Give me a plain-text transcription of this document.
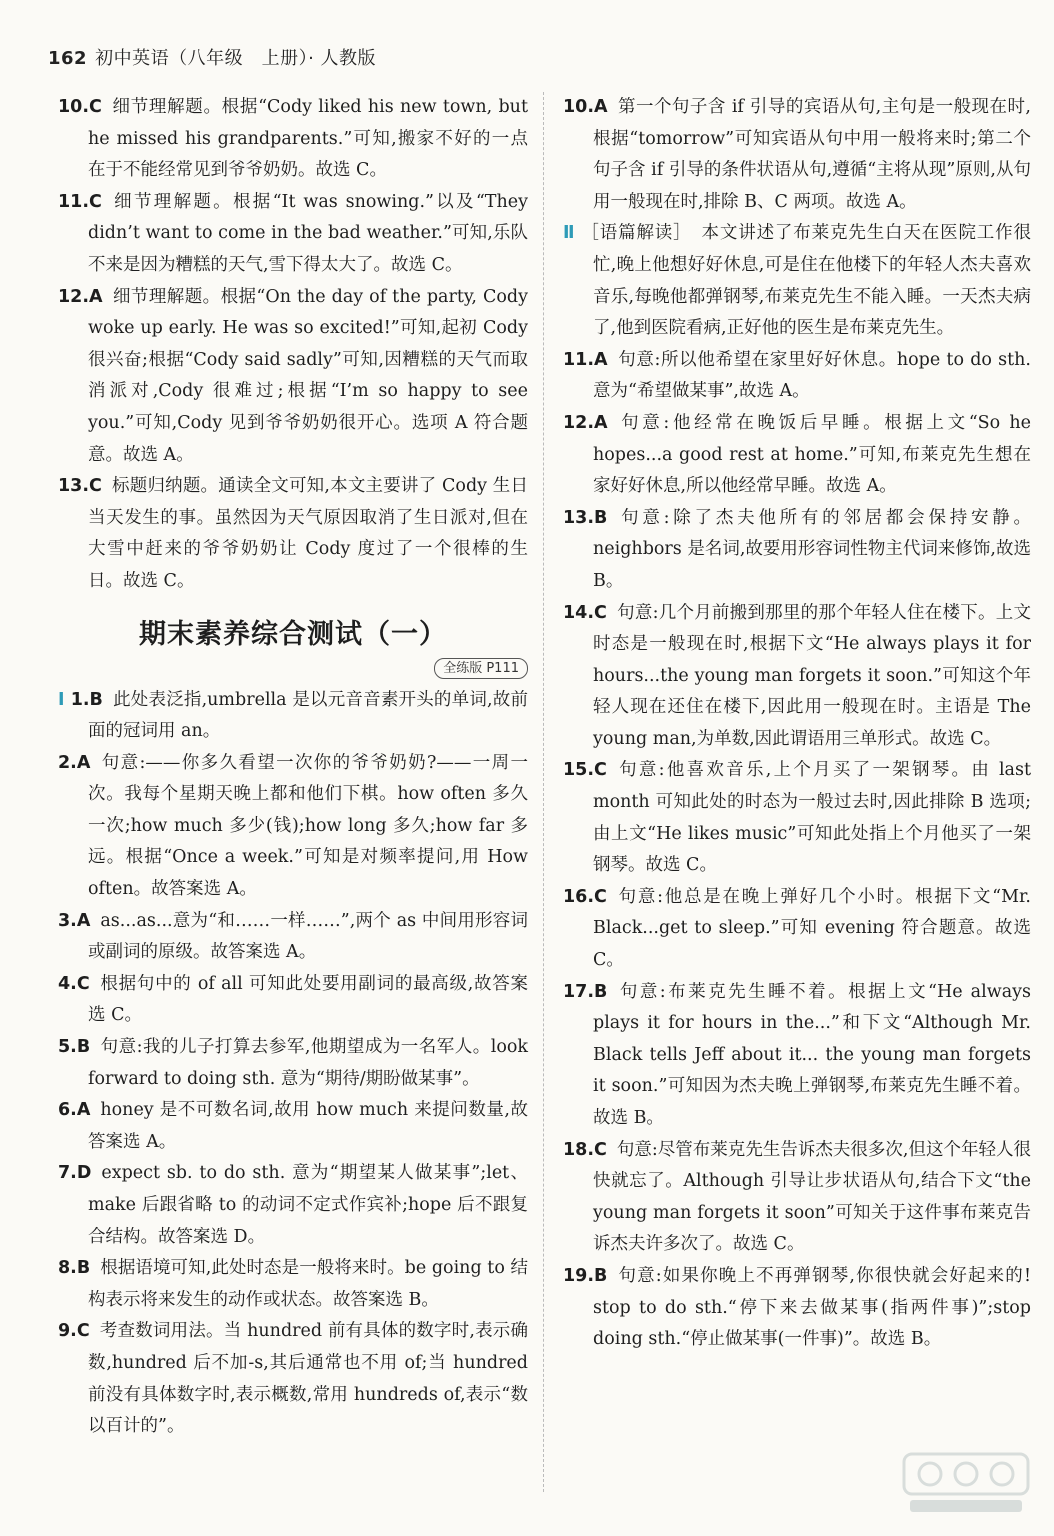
162 初中英语（八年级　上册）· 人教版

10.C 细节理解题。根据“Cody liked his new town, but he missed his grandparents.”可知,搬家不好的一点在于不能经常见到爷爷奶奶。故选 C。

11.C 细节理解题。根据“It was snowing.”以及“They didn’t want to come in the bad weather.”可知,乐队不来是因为糟糕的天气,雪下得太大了。故选 C。

12.A 细节理解题。根据“On the day of the party, Cody woke up early. He was so excited!”可知,起初 Cody 很兴奋;根据“Cody said sadly”可知,因糟糕的天气而取消派对,Cody 很难过;根据“I’m so happy to see you.”可知,Cody 见到爷爷奶奶很开心。选项 A 符合题意。故选 A。

13.C 标题归纳题。通读全文可知,本文主要讲了 Cody 生日当天发生的事。虽然因为天气原因取消了生日派对,但在大雪中赶来的爷爷奶奶让 Cody 度过了一个很棒的生日。故选 C。

期末素养综合测试（一）
全练版 P111

Ⅰ 1.B 此处表泛指,umbrella 是以元音音素开头的单词,故前面的冠词用 an。

2.A 句意:——你多久看望一次你的爷爷奶奶?——一周一次。我每个星期天晚上都和他们下棋。how often 多久一次;how much 多少(钱);how long 多久;how far 多远。根据“Once a week.”可知是对频率提问,用 How often。故答案选 A。

3.A as...as...意为“和……一样……”,两个 as 中间用形容词或副词的原级。故答案选 A。

4.C 根据句中的 of all 可知此处要用副词的最高级,故答案选 C。

5.B 句意:我的儿子打算去参军,他期望成为一名军人。look forward to doing sth. 意为“期待/期盼做某事”。

6.A honey 是不可数名词,故用 how much 来提问数量,故答案选 A。

7.D expect sb. to do sth. 意为“期望某人做某事”;let、make 后跟省略 to 的动词不定式作宾补;hope 后不跟复合结构。故答案选 D。

8.B 根据语境可知,此处时态是一般将来时。be going to 结构表示将来发生的动作或状态。故答案选 B。

9.C 考查数词用法。当 hundred 前有具体的数字时,表示确数,hundred 后不加-s,其后通常也不用 of;当 hundred 前没有具体数字时,表示概数,常用 hundreds of,表示“数以百计的”。

10.A 第一个句子含 if 引导的宾语从句,主句是一般现在时,根据“tomorrow”可知宾语从句中用一般将来时;第二个句子含 if 引导的条件状语从句,遵循“主将从现”原则,从句用一般现在时,排除 B、C 两项。故选 A。

Ⅱ ［语篇解读］ 本文讲述了布莱克先生白天在医院工作很忙,晚上他想好好休息,可是住在他楼下的年轻人杰夫喜欢音乐,每晚他都弹钢琴,布莱克先生不能入睡。一天杰夫病了,他到医院看病,正好他的医生是布莱克先生。

11.A 句意:所以他希望在家里好好休息。hope to do sth. 意为“希望做某事”,故选 A。

12.A 句意:他经常在晚饭后早睡。根据上文“So he hopes...a good rest at home.”可知,布莱克先生想在家好好休息,所以他经常早睡。故选 A。

13.B 句意:除了杰夫他所有的邻居都会保持安静。neighbors 是名词,故要用形容词性物主代词来修饰,故选 B。

14.C 句意:几个月前搬到那里的那个年轻人住在楼下。上文时态是一般现在时,根据下文“He always plays it for hours...the young man forgets it soon.”可知这个年轻人现在还住在楼下,因此用一般现在时。主语是 The young man,为单数,因此谓语用三单形式。故选 C。

15.C 句意:他喜欢音乐,上个月买了一架钢琴。由 last month 可知此处的时态为一般过去时,因此排除 B 选项;由上文“He likes music”可知此处指上个月他买了一架钢琴。故选 C。

16.C 句意:他总是在晚上弹好几个小时。根据下文“Mr. Black...get to sleep.”可知 evening 符合题意。故选 C。

17.B 句意:布莱克先生睡不着。根据上文“He always plays it for hours in the...”和下文“Although Mr. Black tells Jeff about it... the young man forgets it soon.”可知因为杰夫晚上弹钢琴,布莱克先生睡不着。故选 B。

18.C 句意:尽管布莱克先生告诉杰夫很多次,但这个年轻人很快就忘了。Although 引导让步状语从句,结合下文“the young man forgets it soon”可知关于这件事布莱克告诉杰夫许多次了。故选 C。

19.B 句意:如果你晚上不再弹钢琴,你很快就会好起来的! stop to do sth.“停下来去做某事(指两件事)”;stop doing sth.“停止做某事(一件事)”。故选 B。
